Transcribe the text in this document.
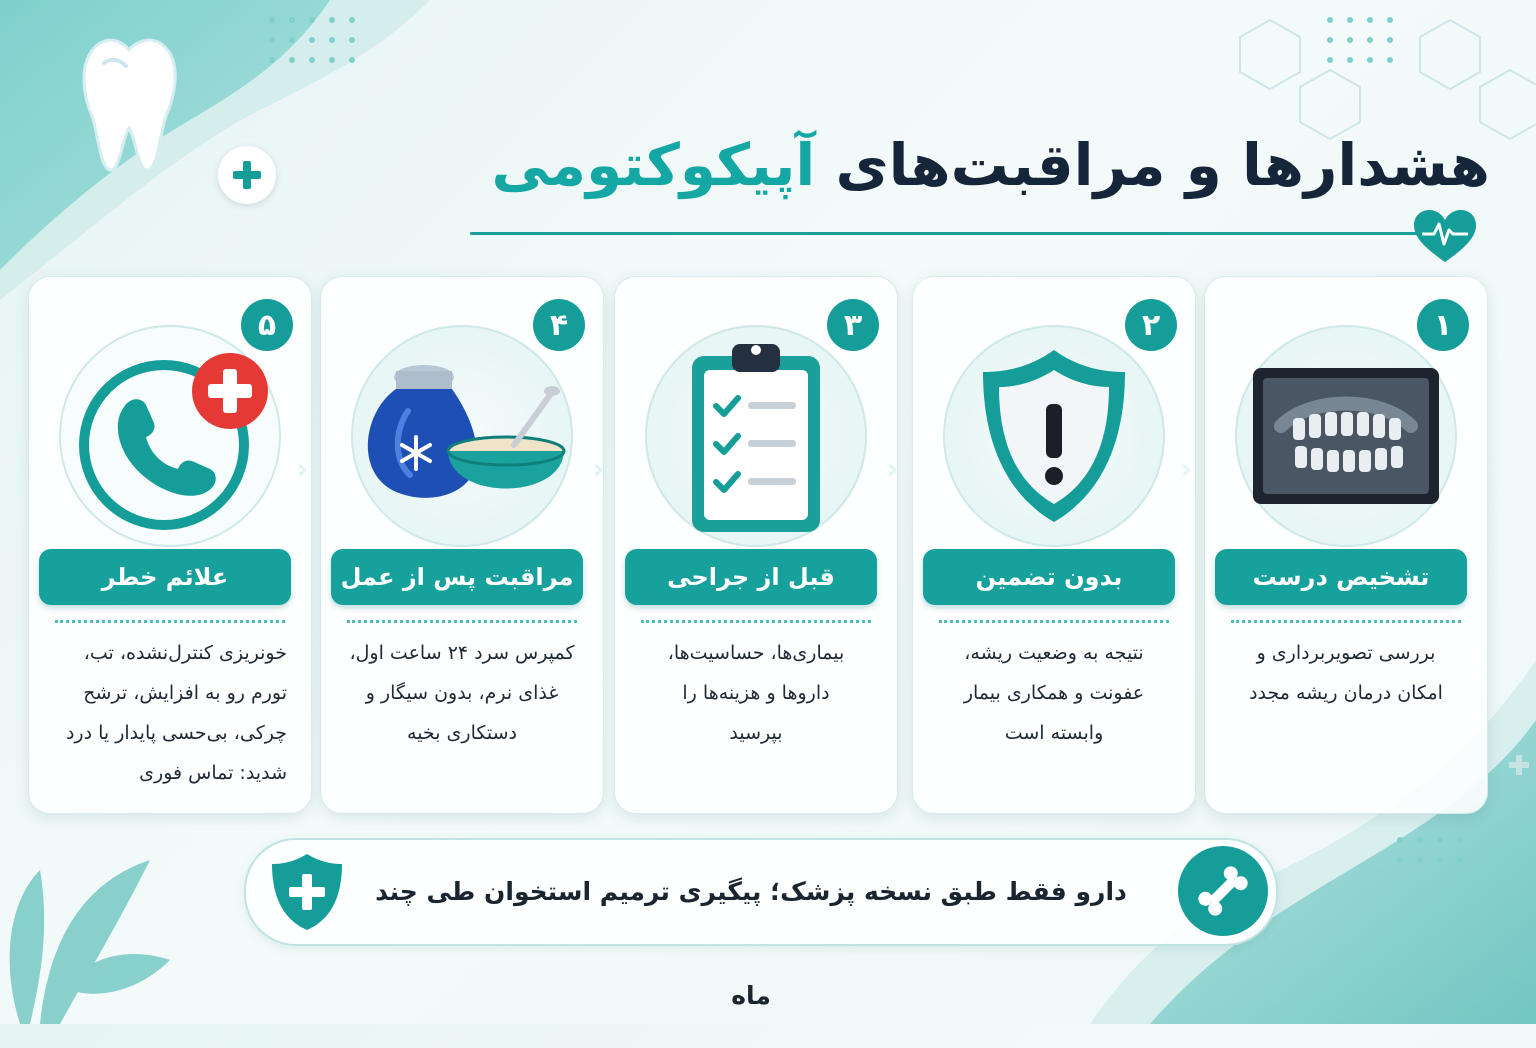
هشدارها و مراقبت‌های آپیکوکتومی
۱
تشخیص درست
بررسی تصویربرداری و امکان درمان ریشه مجدد
۲
بدون تضمین
نتیجه به وضعیت ریشه، عفونت و همکاری بیمار وابسته است
۳
قبل از جراحی
بیماری‌ها، حساسیت‌ها، داروها و هزینه‌ها را بپرسید
۴
مراقبت پس از عمل
کمپرس سرد ۲۴ ساعت اول، غذای نرم، بدون سیگار و دستکاری بخیه
۵
علائم خطر
خونریزی کنترل‌نشده، تب، تورم رو به افزایش، ترشح چرکی، بی‌حسی پایدار یا درد شدید: تماس فوری
دارو فقط طبق نسخه پزشک؛ پیگیری ترمیم استخوان طی چند ماه
